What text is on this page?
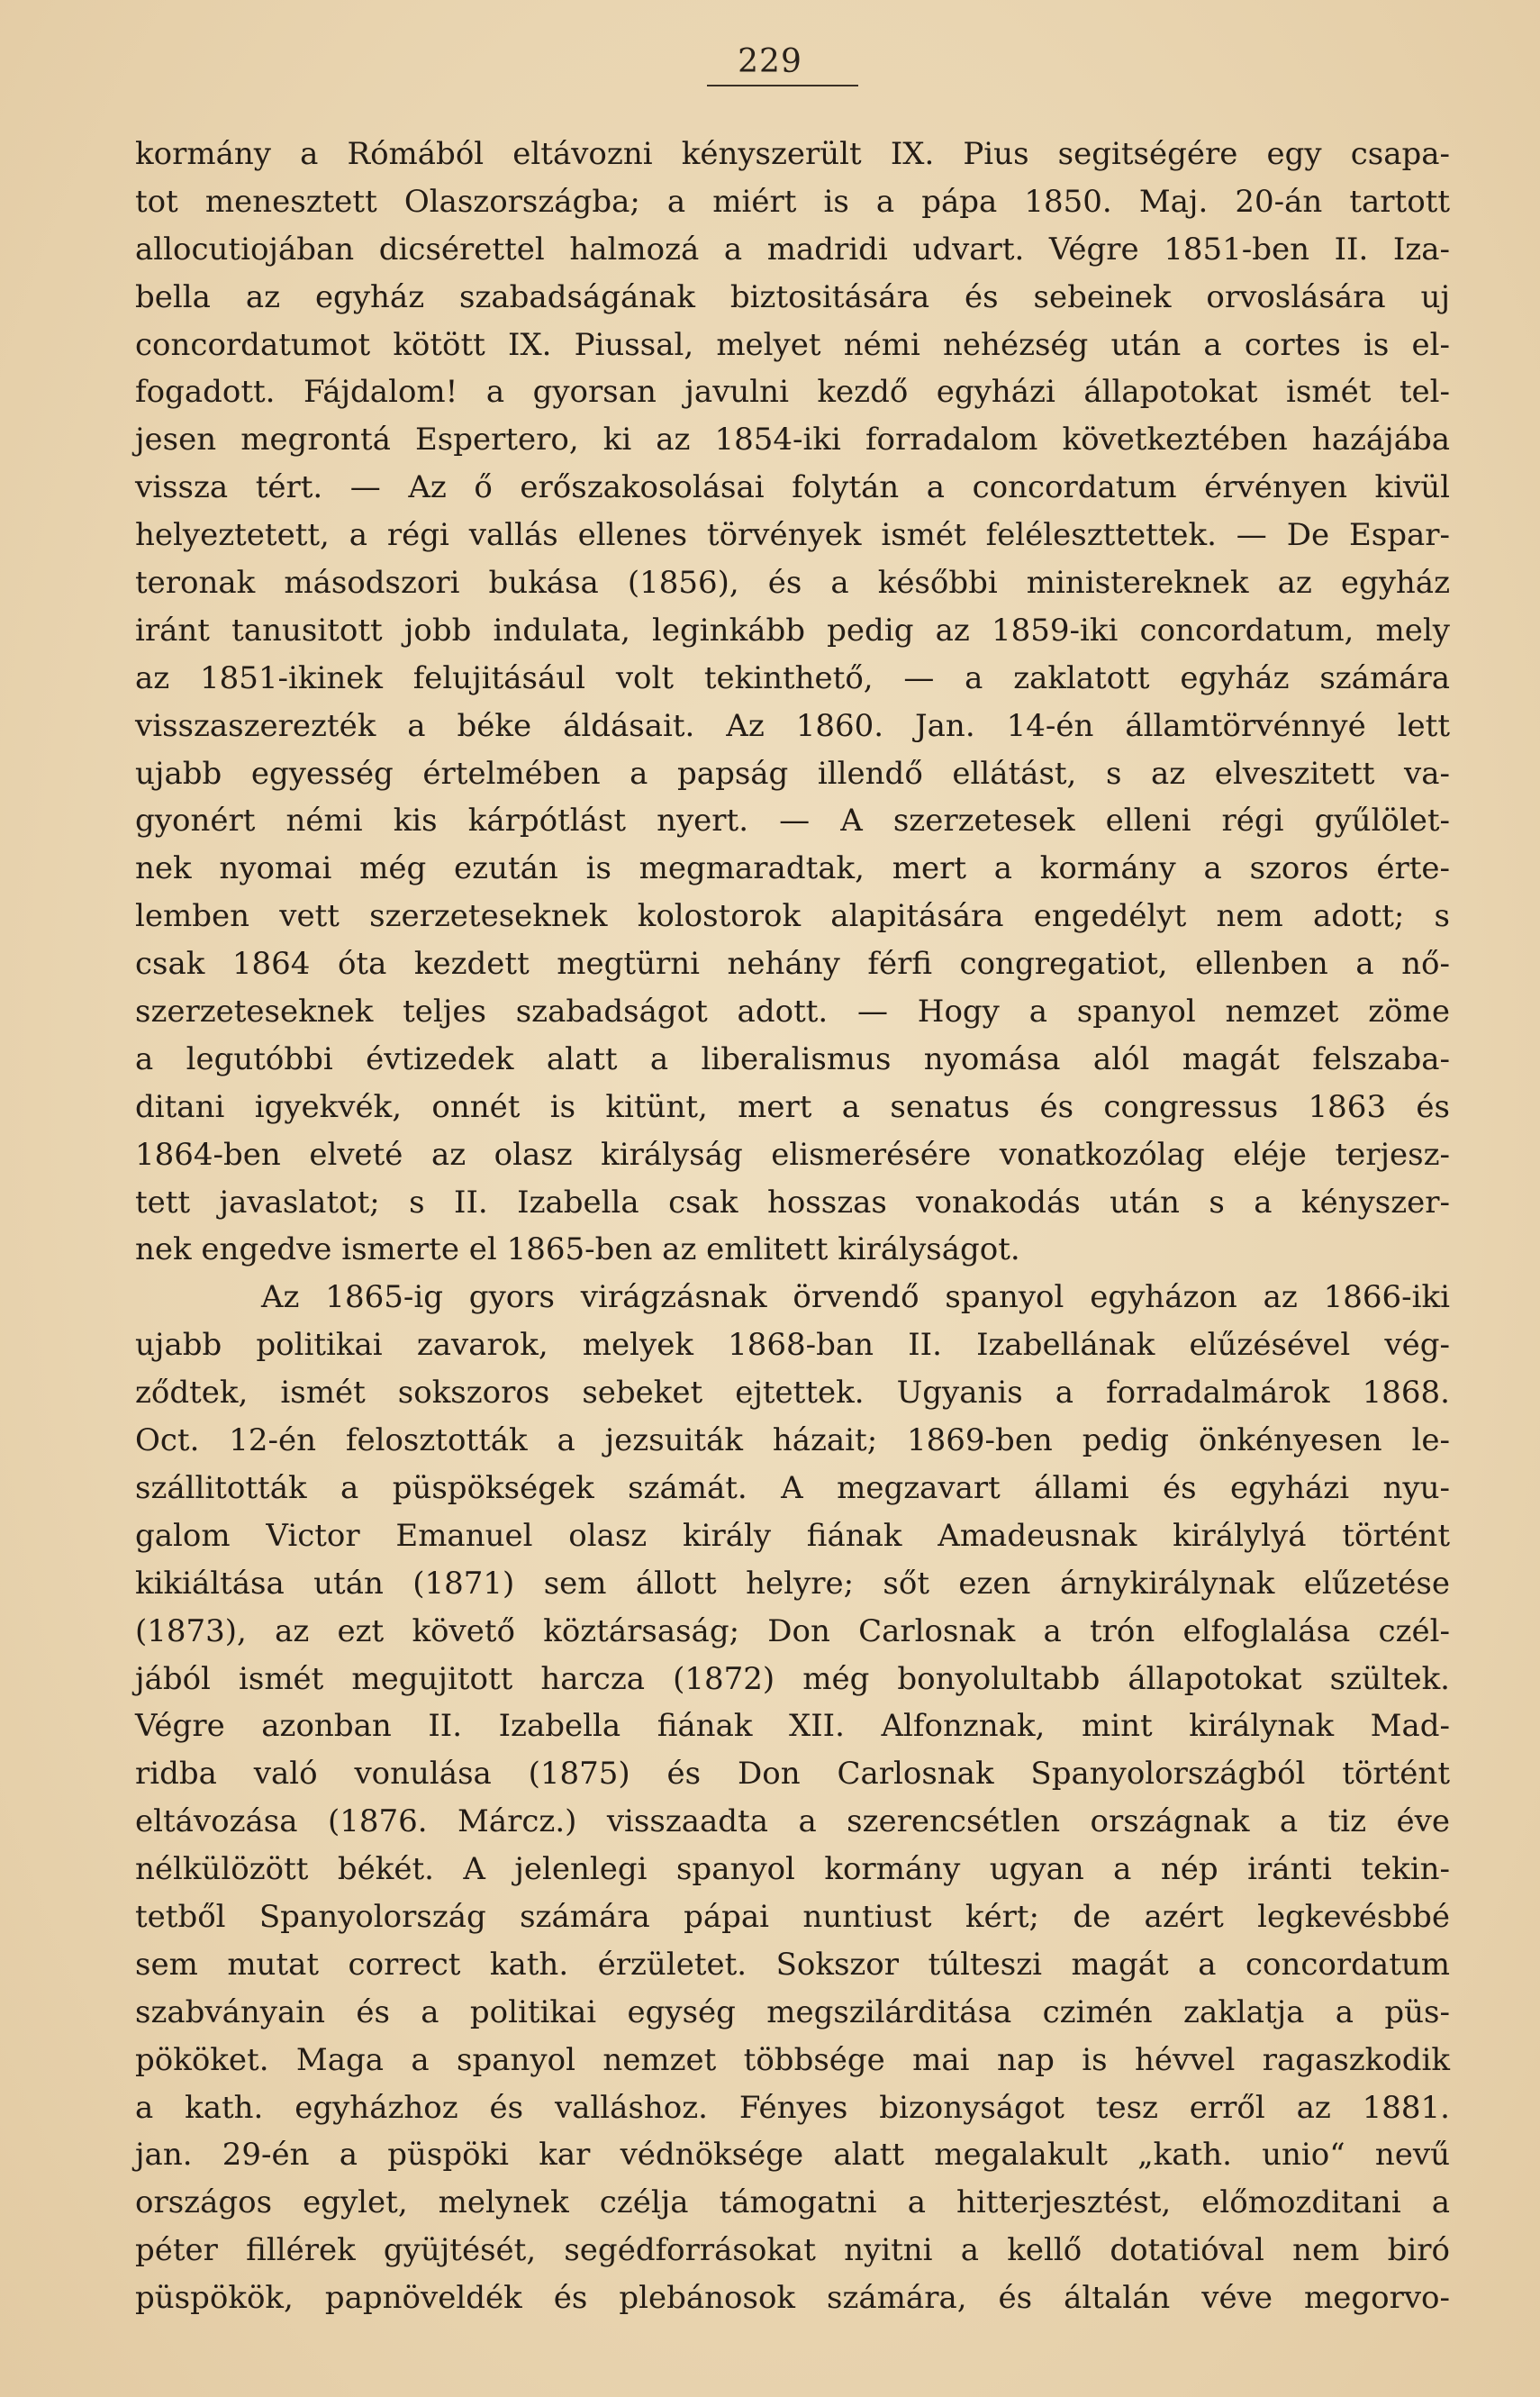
229
kormány a Rómából eltávozni kényszerült IX. Pius segitségére egy csapa-
tot menesztett Olaszországba; a miért is a pápa 1850. Maj. 20-án tartott
allocutiojában dicsérettel halmozá a madridi udvart. Végre 1851-ben II. Iza-
bella az egyház szabadságának biztositására és sebeinek orvoslására uj
concordatumot kötött IX. Piussal, melyet némi nehézség után a cortes is el-
fogadott. Fájdalom! a gyorsan javulni kezdő egyházi állapotokat ismét tel-
jesen megrontá Espertero, ki az 1854-iki forradalom következtében hazájába
vissza tért. — Az ő erőszakosolásai folytán a concordatum érvényen kivül
helyeztetett, a régi vallás ellenes törvények ismét feléleszttettek. — De Espar-
teronak másodszori bukása (1856), és a későbbi ministereknek az egyház
iránt tanusitott jobb indulata, leginkább pedig az 1859-iki concordatum, mely
az 1851-ikinek felujitásául volt tekinthető, — a zaklatott egyház számára
visszaszerezték a béke áldásait. Az 1860. Jan. 14-én államtörvénnyé lett
ujabb egyesség értelmében a papság illendő ellátást, s az elveszitett va-
gyonért némi kis kárpótlást nyert. — A szerzetesek elleni régi gyűlölet-
nek nyomai még ezután is megmaradtak, mert a kormány a szoros érte-
lemben vett szerzeteseknek kolostorok alapitására engedélyt nem adott; s
csak 1864 óta kezdett megtürni nehány férfi congregatiot, ellenben a nő-
szerzeteseknek teljes szabadságot adott. — Hogy a spanyol nemzet zöme
a legutóbbi évtizedek alatt a liberalismus nyomása alól magát felszaba-
ditani igyekvék, onnét is kitünt, mert a senatus és congressus 1863 és
1864-ben elveté az olasz királyság elismerésére vonatkozólag eléje terjesz-
tett javaslatot; s II. Izabella csak hosszas vonakodás után s a kényszer-
nek engedve ismerte el 1865-ben az emlitett királyságot.
Az 1865-ig gyors virágzásnak örvendő spanyol egyházon az 1866-iki
ujabb politikai zavarok, melyek 1868-ban II. Izabellának elűzésével vég-
ződtek, ismét sokszoros sebeket ejtettek. Ugyanis a forradalmárok 1868.
Oct. 12-én felosztották a jezsuiták házait; 1869-ben pedig önkényesen le-
szállitották a püspökségek számát. A megzavart állami és egyházi nyu-
galom Victor Emanuel olasz király fiának Amadeusnak királylyá történt
kikiáltása után (1871) sem állott helyre; sőt ezen árnykirálynak elűzetése
(1873), az ezt követő köztársaság; Don Carlosnak a trón elfoglalása czél-
jából ismét megujitott harcza (1872) még bonyolultabb állapotokat szültek.
Végre azonban II. Izabella fiának XII. Alfonznak, mint királynak Mad-
ridba való vonulása (1875) és Don Carlosnak Spanyolországból történt
eltávozása (1876. Márcz.) visszaadta a szerencsétlen országnak a tiz éve
nélkülözött békét. A jelenlegi spanyol kormány ugyan a nép iránti tekin-
tetből Spanyolország számára pápai nuntiust kért; de azért legkevésbbé
sem mutat correct kath. érzületet. Sokszor túlteszi magát a concordatum
szabványain és a politikai egység megszilárditása czimén zaklatja a püs-
pököket. Maga a spanyol nemzet többsége mai nap is hévvel ragaszkodik
a kath. egyházhoz és valláshoz. Fényes bizonyságot tesz erről az 1881.
jan. 29-én a püspöki kar védnöksége alatt megalakult „kath. unio“ nevű
országos egylet, melynek czélja támogatni a hitterjesztést, előmozditani a
péter fillérek gyüjtését, segédforrásokat nyitni a kellő dotatióval nem biró
püspökök, papnöveldék és plebánosok számára, és általán véve megorvo-
